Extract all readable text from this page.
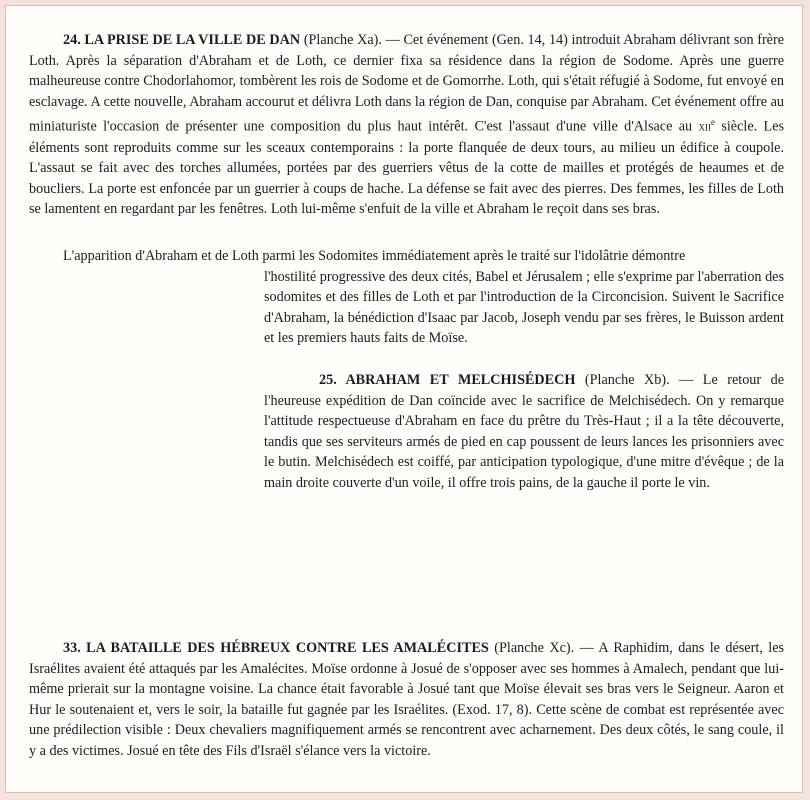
24. LA PRISE DE LA VILLE DE DAN (Planche Xa). — Cet événement (Gen. 14, 14) introduit Abraham délivrant son frère Loth. Après la séparation d'Abraham et de Loth, ce dernier fixa sa résidence dans la région de Sodome. Après une guerre malheureuse contre Chodorlahomor, tombèrent les rois de Sodome et de Gomorrhe. Loth, qui s'était réfugié à Sodome, fut envoyé en esclavage. A cette nouvelle, Abraham accourut et délivra Loth dans la région de Dan, conquise par Abraham. Cet événement offre au miniaturiste l'occasion de présenter une composition du plus haut intérêt. C'est l'assaut d'une ville d'Alsace au xii$^e$ siècle. Les éléments sont reproduits comme sur les sceaux contemporains : la porte flanquée de deux tours, au milieu un édifice à coupole. L'assaut se fait avec des torches allumées, portées par des guerriers vêtus de la cotte de mailles et protégés de heaumes et de boucliers. La porte est enfoncée par un guerrier à coups de hache. La défense se fait avec des pierres. Des femmes, les filles de Loth se lamentent en regardant par les fenêtres. Loth lui-même s'enfuit de la ville et Abraham le reçoit dans ses bras.

L'apparition d'Abraham et de Loth parmi les Sodomites immédiatement après le traité sur l'idolâtrie démontre

l'hostilité progressive des deux cités, Babel et Jérusalem ; elle s'exprime par l'aberration des sodomites et des filles de Loth et par l'introduction de la Circoncision. Suivent le Sacrifice d'Abraham, la bénédiction d'Isaac par Jacob, Joseph vendu par ses frères, le Buisson ardent et les premiers hauts faits de Moïse.

25. ABRAHAM ET MELCHISÉDECH (Planche Xb). — Le retour de l'heureuse expédition de Dan coïncide avec le sacrifice de Melchisédech. On y remarque l'attitude respectueuse d'Abraham en face du prêtre du Très-Haut ; il a la tête découverte, tandis que ses serviteurs armés de pied en cap poussent de leurs lances les prisonniers avec le butin. Melchisédech est coiffé, par anticipation typologique, d'une mitre d'évêque ; de la main droite couverte d'un voile, il offre trois pains, de la gauche il porte le vin.

33. LA BATAILLE DES HÉBREUX CONTRE LES AMALÉCITES (Planche Xc). — A Raphidim, dans le désert, les Israélites avaient été attaqués par les Amalécites. Moïse ordonne à Josué de s'opposer avec ses hommes à Amalech, pendant que lui-même prierait sur la montagne voisine. La chance était favorable à Josué tant que Moïse élevait ses bras vers le Seigneur. Aaron et Hur le soutenaient et, vers le soir, la bataille fut gagnée par les Israélites. (Exod. 17, 8). Cette scène de combat est représentée avec une prédilection visible : Deux chevaliers magnifiquement armés se rencontrent avec acharnement. Des deux côtés, le sang coule, il y a des victimes. Josué en tête des Fils d'Israël s'élance vers la victoire.
